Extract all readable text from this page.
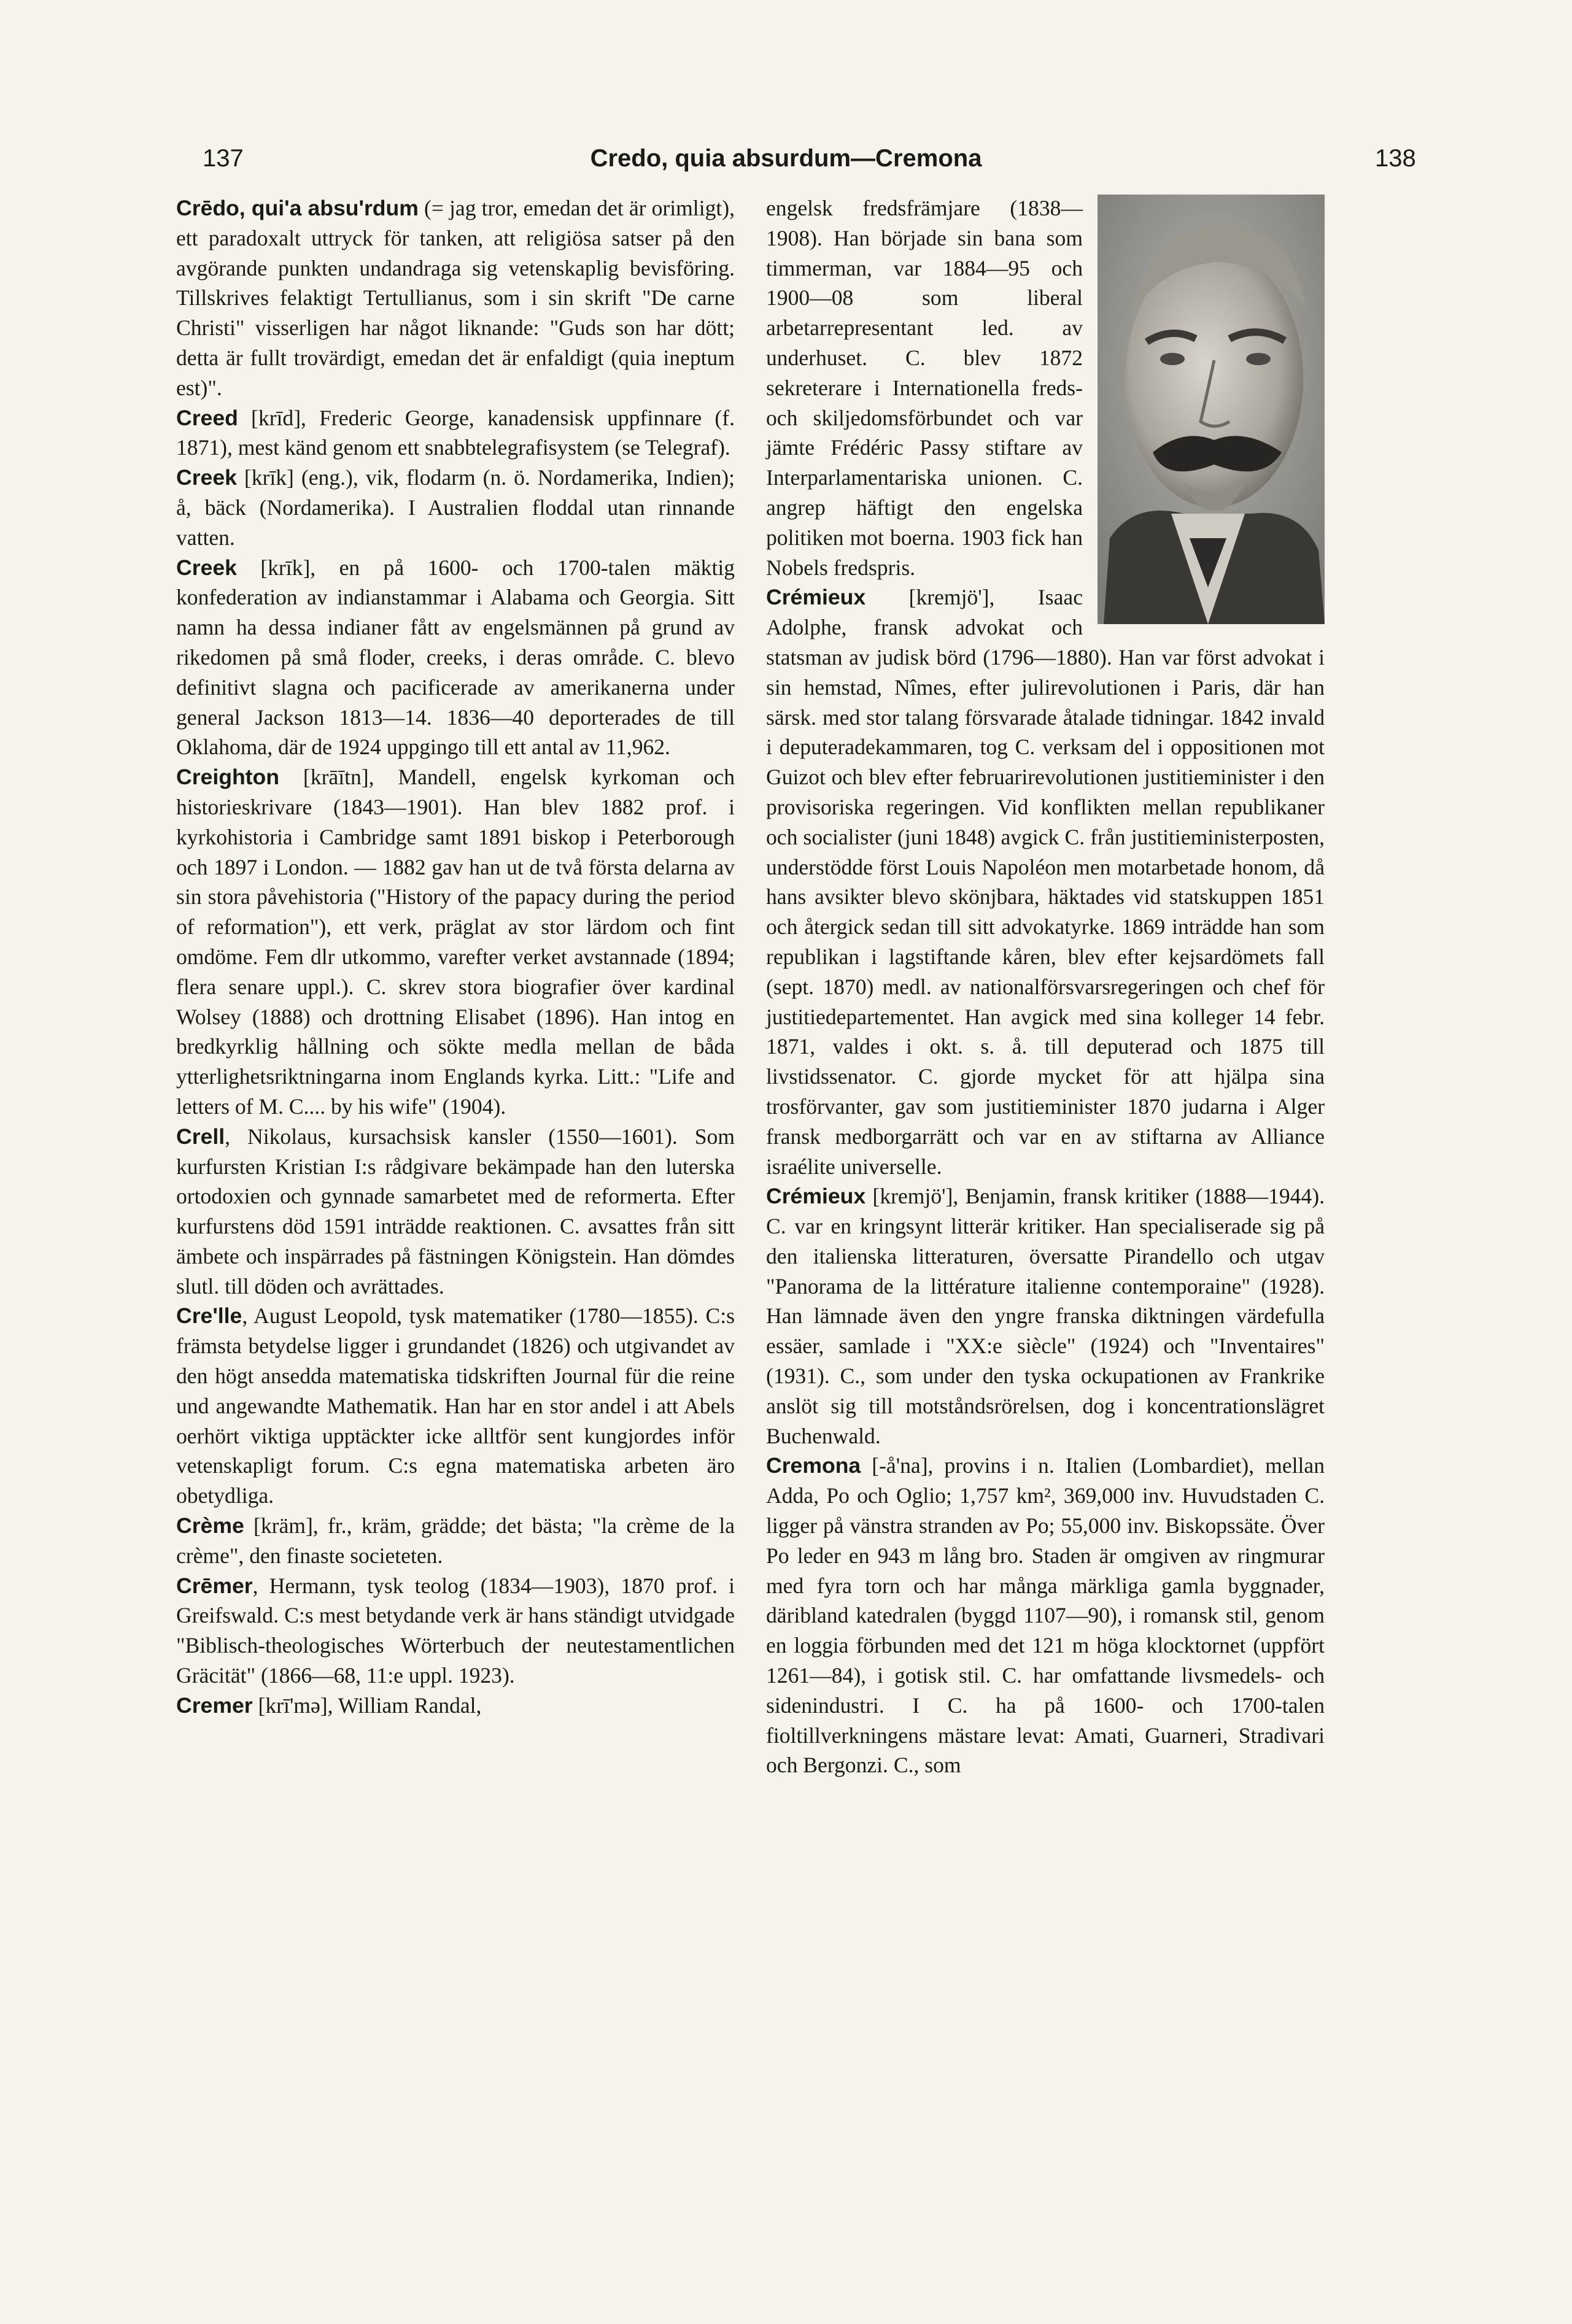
137	Credo, quia absurdum—Cremona	138

Crēdo, qui'a absu'rdum (= jag tror, emedan det är orimligt), ett paradoxalt uttryck för tanken, att religiösa satser på den avgörande punkten undandraga sig vetenskaplig bevisföring. Tillskrives felaktigt Tertullianus, som i sin skrift "De carne Christi" visserligen har något liknande: "Guds son har dött; detta är fullt trovärdigt, emedan det är enfaldigt (quia ineptum est)".

Creed [krīd], Frederic George, kanadensisk uppfinnare (f. 1871), mest känd genom ett snabbtelegrafisystem (se Telegraf).

Creek [krīk] (eng.), vik, flodarm (n. ö. Nordamerika, Indien); å, bäck (Nordamerika). I Australien floddal utan rinnande vatten.

Creek [krīk], en på 1600- och 1700-talen mäktig konfederation av indianstammar i Alabama och Georgia. Sitt namn ha dessa indianer fått av engelsmännen på grund av rikedomen på små floder, creeks, i deras område. C. blevo definitivt slagna och pacificerade av amerikanerna under general Jackson 1813—14. 1836—40 deporterades de till Oklahoma, där de 1924 uppgingo till ett antal av 11,962.

Creighton [krāītn], Mandell, engelsk kyrkoman och historieskrivare (1843—1901). Han blev 1882 prof. i kyrkohistoria i Cambridge samt 1891 biskop i Peterborough och 1897 i London. — 1882 gav han ut de två första delarna av sin stora påvehistoria ("History of the papacy during the period of reformation"), ett verk, präglat av stor lärdom och fint omdöme. Fem dlr utkommo, varefter verket avstannade (1894; flera senare uppl.). C. skrev stora biografier över kardinal Wolsey (1888) och drottning Elisabet (1896). Han intog en bredkyrklig hållning och sökte medla mellan de båda ytterlighetsriktningarna inom Englands kyrka. Litt.: "Life and letters of M. C.... by his wife" (1904).

Crell, Nikolaus, kursachsisk kansler (1550—1601). Som kurfursten Kristian I:s rådgivare bekämpade han den luterska ortodoxien och gynnade samarbetet med de reformerta. Efter kurfurstens död 1591 inträdde reaktionen. C. avsattes från sitt ämbete och inspärrades på fästningen Königstein. Han dömdes slutl. till döden och avrättades.

Cre'lle, August Leopold, tysk matematiker (1780—1855). C:s främsta betydelse ligger i grundandet (1826) och utgivandet av den högt ansedda matematiska tidskriften Journal für die reine und angewandte Mathematik. Han har en stor andel i att Abels oerhört viktiga upptäckter icke alltför sent kungjordes inför vetenskapligt forum. C:s egna matematiska arbeten äro obetydliga.

Crème [kräm], fr., kräm, grädde; det bästa; "la crème de la crème", den finaste societeten.

Crēmer, Hermann, tysk teolog (1834—1903), 1870 prof. i Greifswald. C:s mest betydande verk är hans ständigt utvidgade "Biblisch-theologisches Wörterbuch der neutestamentlichen Gräcität" (1866—68, 11:e uppl. 1923).

Cremer [krī'mə], William Randal,

engelsk fredsfrämjare (1838—1908). Han började sin bana som timmerman, var 1884—95 och 1900—08 som liberal arbetarrepresentant led. av underhuset. C. blev 1872 sekreterare i Internationella freds- och skiljedomsförbundet och var jämte Frédéric Passy stiftare av Interparlamentariska unionen. C. angrep häftigt den engelska politiken mot boerna. 1903 fick han Nobels fredspris.

Crémieux [kremjö'], Isaac Adolphe, fransk advokat och statsman av judisk börd (1796—1880). Han var först advokat i sin hemstad, Nîmes, efter julirevolutionen i Paris, där han särsk. med stor talang försvarade åtalade tidningar. 1842 invald i deputeradekammaren, tog C. verksam del i oppositionen mot Guizot och blev efter februarirevolutionen justitieminister i den provisoriska regeringen. Vid konflikten mellan republikaner och socialister (juni 1848) avgick C. från justitieministerposten, understödde först Louis Napoléon men motarbetade honom, då hans avsikter blevo skönjbara, häktades vid statskuppen 1851 och återgick sedan till sitt advokatyrke. 1869 inträdde han som republikan i lagstiftande kåren, blev efter kejsardömets fall (sept. 1870) medl. av nationalförsvarsregeringen och chef för justitiedepartementet. Han avgick med sina kolleger 14 febr. 1871, valdes i okt. s. å. till deputerad och 1875 till livstidssenator. C. gjorde mycket för att hjälpa sina trosförvanter, gav som justitieminister 1870 judarna i Alger fransk medborgarrätt och var en av stiftarna av Alliance israélite universelle.

Crémieux [kremjö'], Benjamin, fransk kritiker (1888—1944). C. var en kringsynt litterär kritiker. Han specialiserade sig på den italienska litteraturen, översatte Pirandello och utgav "Panorama de la littérature italienne contemporaine" (1928). Han lämnade även den yngre franska diktningen värdefulla essäer, samlade i "XX:e siècle" (1924) och "Inventaires" (1931). C., som under den tyska ockupationen av Frankrike anslöt sig till motståndsrörelsen, dog i koncentrationslägret Buchenwald.

Cremona [-å'na], provins i n. Italien (Lombardiet), mellan Adda, Po och Oglio; 1,757 km², 369,000 inv. Huvudstaden C. ligger på vänstra stranden av Po; 55,000 inv. Biskopssäte. Över Po leder en 943 m lång bro. Staden är omgiven av ringmurar med fyra torn och har många märkliga gamla byggnader, däribland katedralen (byggd 1107—90), i romansk stil, genom en loggia förbunden med det 121 m höga klocktornet (uppfört 1261—84), i gotisk stil. C. har omfattande livsmedels- och sidenindustri. I C. ha på 1600- och 1700-talen fioltillverkningens mästare levat: Amati, Guarneri, Stradivari och Bergonzi. C., som
